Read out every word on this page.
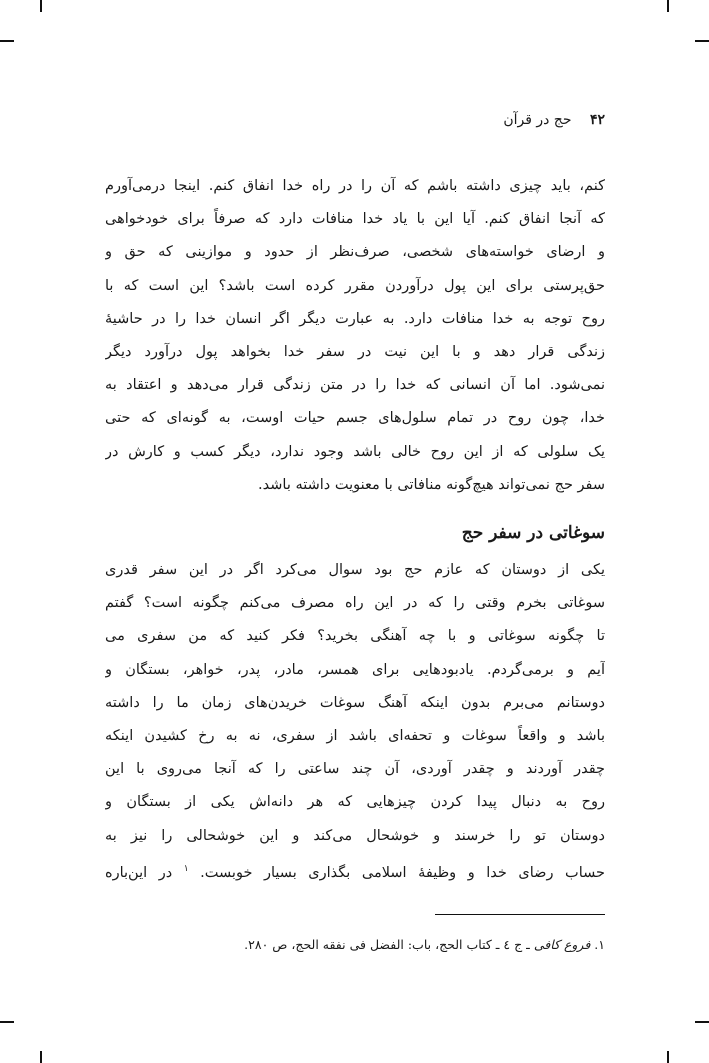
۴۲ حج در قرآن

کنم، باید چیزی داشته باشم که آن را در راه خدا انفاق کنم. اینجا درمی‌آورم
که آنجا انفاق کنم. آیا این با یاد خدا منافات دارد که صرفاً برای خودخواهی
و ارضای خواسته‌های شخصی، صرف‌نظر از حدود و موازینی که حق و
حق‌پرستی برای این پول درآوردن مقرر کرده است باشد؟ این است که با
روح توجه به خدا منافات دارد. به عبارت دیگر اگر انسان خدا را در حاشیهٔ
زندگی قرار دهد و با این نیت در سفر خدا بخواهد پول درآورد دیگر
نمی‌شود. اما آن انسانی که خدا را در متن زندگی قرار می‌دهد و اعتقاد به
خدا، چون روح در تمام سلول‌های جسم حیات اوست، به گونه‌ای که حتی
یک سلولی که از این روح خالی باشد وجود ندارد، دیگر کسب و کارش در
سفر حج نمی‌تواند هیچ‌گونه منافاتی با معنویت داشته باشد.

سوغاتی در سفر حج

یکی از دوستان که عازم حج بود سوال می‌کرد اگر در این سفر قدری
سوغاتی بخرم وقتی را که در این راه مصرف می‌کنم چگونه است؟ گفتم
تا چگونه سوغاتی و با چه آهنگی بخرید؟ فکر کنید که من سفری می
آیم و برمی‌گردم. یادبودهایی برای همسر، مادر، پدر، خواهر، بستگان و
دوستانم می‌برم بدون اینکه آهنگ سوغات خریدن‌های زمان ما را داشته
باشد و واقعاً سوغات و تحفه‌ای باشد از سفری، نه به رخ کشیدن اینکه
چقدر آوردند و چقدر آوردی، آن چند ساعتی را که آنجا می‌روی با این
روح به دنبال پیدا کردن چیزهایی که هر دانه‌اش یکی از بستگان و
دوستان تو را خرسند و خوشحال می‌کند و این خوشحالی را نیز به
حساب رضای خدا و وظیفهٔ اسلامی بگذاری بسیار خوبست. $^۱$ در این‌باره

۱. فروع کافی ـ ج ٤ ـ کتاب الحج، باب: الفضل فی نفقه الحج، ص ٢٨٠.
